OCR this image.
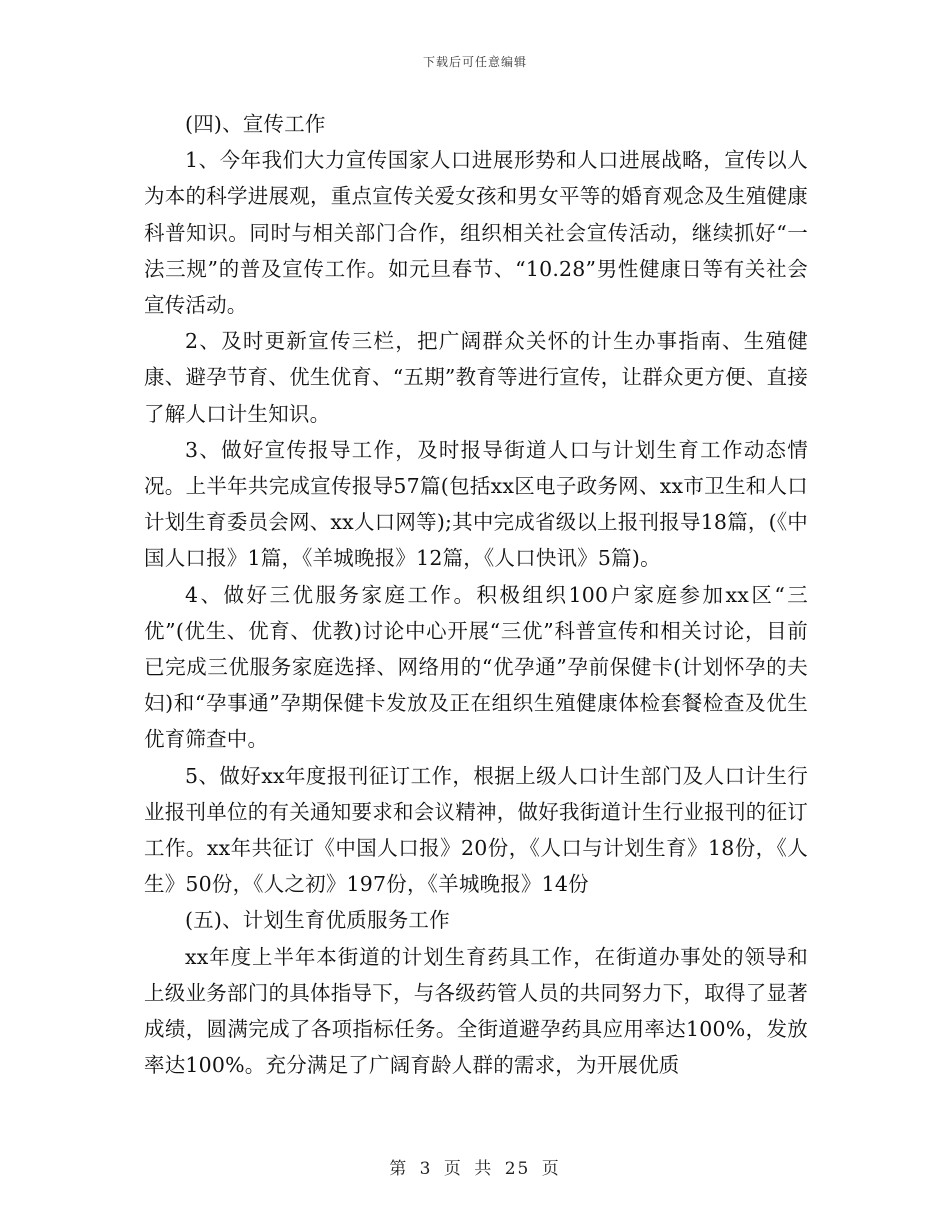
下载后可任意编辑

(四)、宣传工作

1、今年我们大力宣传国家人口进展形势和人口进展战略，宣传以人为本的科学进展观，重点宣传关爱女孩和男女平等的婚育观念及生殖健康科普知识。同时与相关部门合作，组织相关社会宣传活动，继续抓好“一法三规”的普及宣传工作。如元旦春节、“10.28”男性健康日等有关社会宣传活动。

2、及时更新宣传三栏，把广阔群众关怀的计生办事指南、生殖健康、避孕节育、优生优育、“五期”教育等进行宣传，让群众更方便、直接了解人口计生知识。

3、做好宣传报导工作，及时报导街道人口与计划生育工作动态情况。上半年共完成宣传报导57篇(包括xx区电子政务网、xx市卫生和人口计划生育委员会网、xx人口网等);其中完成省级以上报刊报导18篇，(《中国人口报》1篇，《羊城晚报》12篇，《人口快讯》5篇)。

4、做好三优服务家庭工作。积极组织100户家庭参加xx区“三优”(优生、优育、优教)讨论中心开展“三优”科普宣传和相关讨论，目前已完成三优服务家庭选择、网络用的“优孕通”孕前保健卡(计划怀孕的夫妇)和“孕事通”孕期保健卡发放及正在组织生殖健康体检套餐检查及优生优育筛查中。

5、做好xx年度报刊征订工作，根据上级人口计生部门及人口计生行业报刊单位的有关通知要求和会议精神，做好我街道计生行业报刊的征订工作。xx年共征订《中国人口报》20份，《人口与计划生育》18份，《人生》50份，《人之初》197份，《羊城晚报》14份

(五)、计划生育优质服务工作

xx年度上半年本街道的计划生育药具工作，在街道办事处的领导和上级业务部门的具体指导下，与各级药管人员的共同努力下，取得了显著成绩，圆满完成了各项指标任务。全街道避孕药具应用率达100%，发放率达100%。充分满足了广阔育龄人群的需求，为开展优质

第 3 页 共 25 页
